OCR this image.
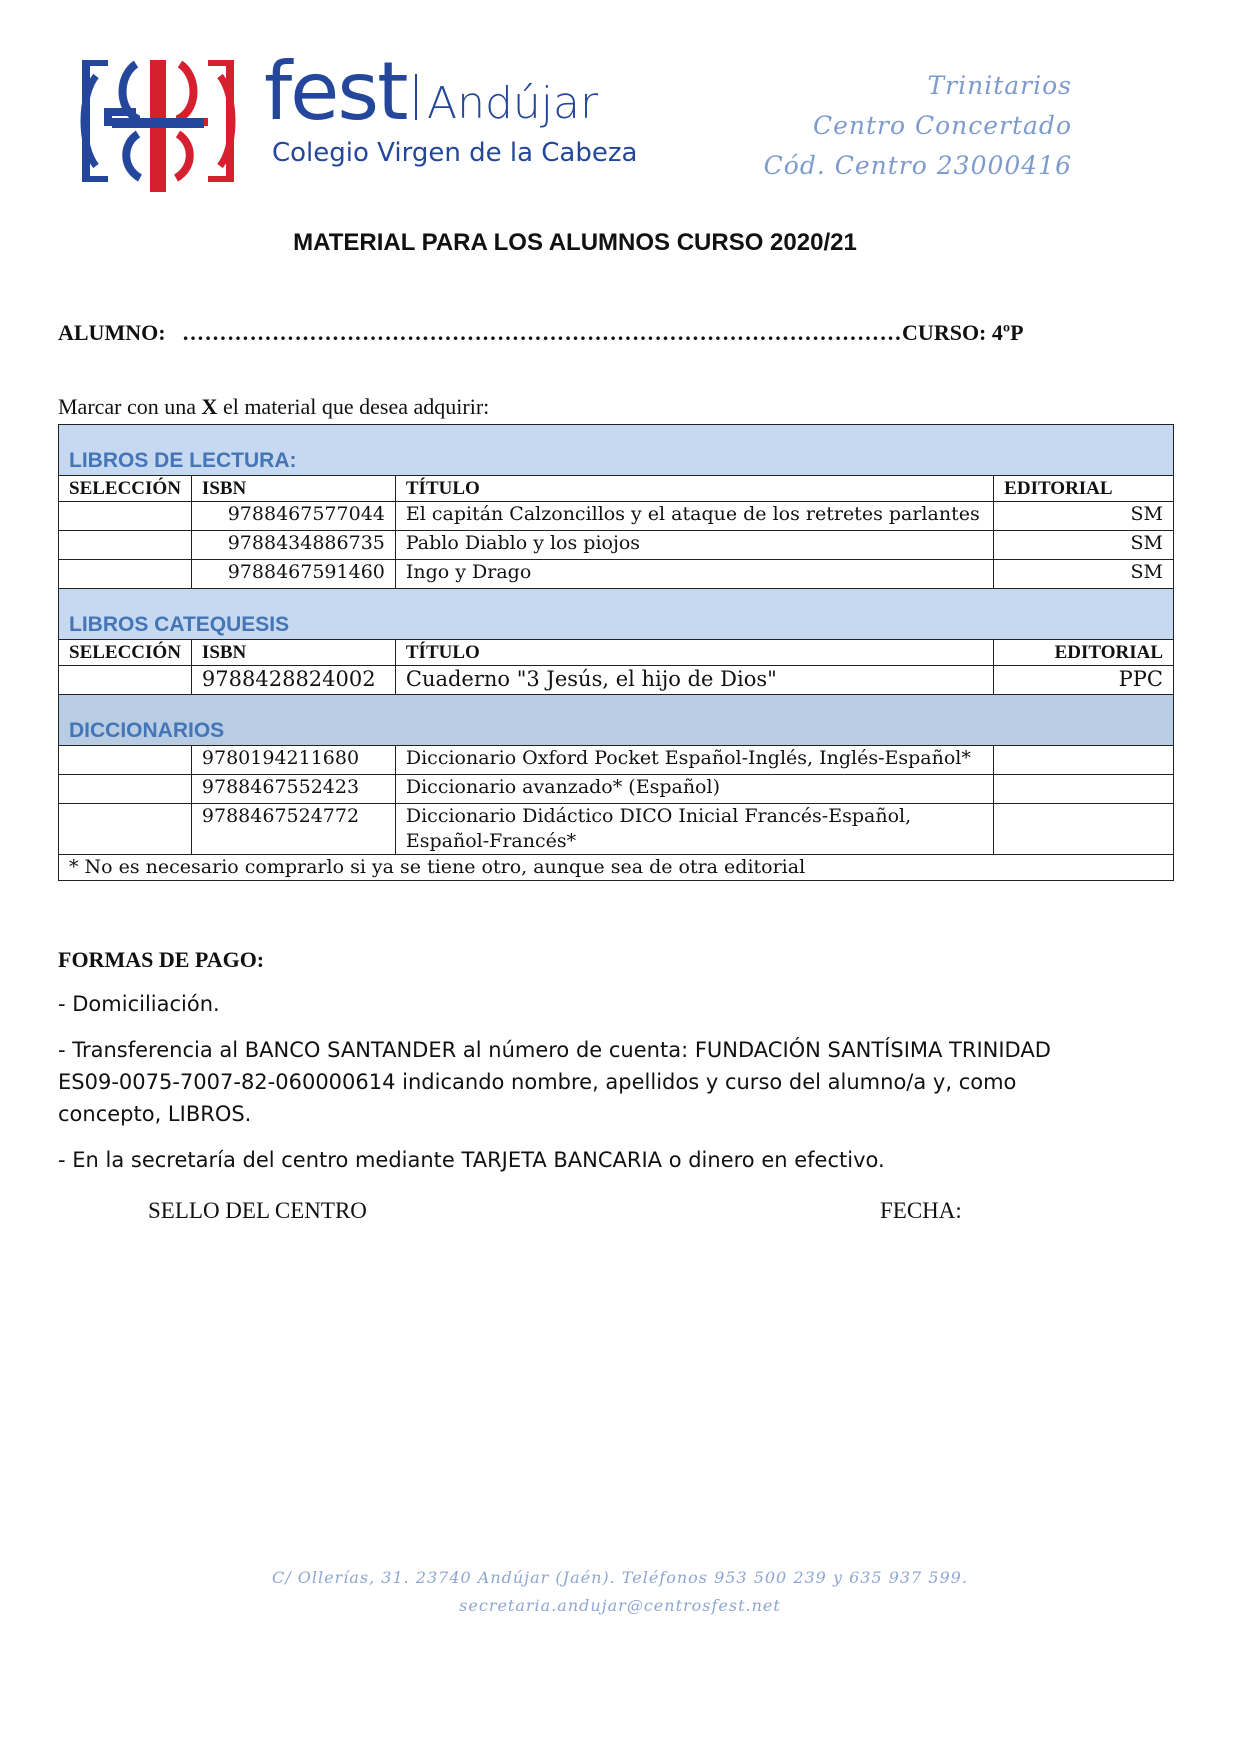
fest Andújar
Colegio Virgen de la Cabeza
Trinitarios
Centro Concertado
Cód. Centro 23000416
MATERIAL PARA LOS ALUMNOS CURSO 2020/21
ALUMNO: ……………………………………………………………………………………CURSO: 4ºP
Marcar con una X el material que desea adquirir:
LIBROS DE LECTURA:			
SELECCIÓN	ISBN	TÍTULO	EDITORIAL
	9788467577044	El capitán Calzoncillos y el ataque de los retretes parlantes	SM
	9788434886735	Pablo Diablo y los piojos	SM
	9788467591460	Ingo y Drago	SM
LIBROS CATEQUESIS			
SELECCIÓN	ISBN	TÍTULO	EDITORIAL
	9788428824002	Cuaderno "3 Jesús, el hijo de Dios"	PPC
DICCIONARIOS			
	9780194211680	Diccionario Oxford Pocket Español-Inglés, Inglés-Español*	
	9788467552423	Diccionario avanzado* (Español)	
	9788467524772	Diccionario Didáctico DICO Inicial Francés-Español, Español-Francés*	
* No es necesario comprarlo si ya se tiene otro, aunque sea de otra editorial			
FORMAS DE PAGO:

- Domiciliación.

- Transferencia al BANCO SANTANDER al número de cuenta: FUNDACIÓN SANTÍSIMA TRINIDAD ES09-0075-7007-82-060000614 indicando nombre, apellidos y curso del alumno/a y, como concepto, LIBROS.

- En la secretaría del centro mediante TARJETA BANCARIA o dinero en efectivo.

SELLO DEL CENTRO	FECHA:
C/ Ollerías, 31. 23740 Andújar (Jaén). Teléfonos 953 500 239 y 635 937 599.
secretaria.andujar@centrosfest.net
